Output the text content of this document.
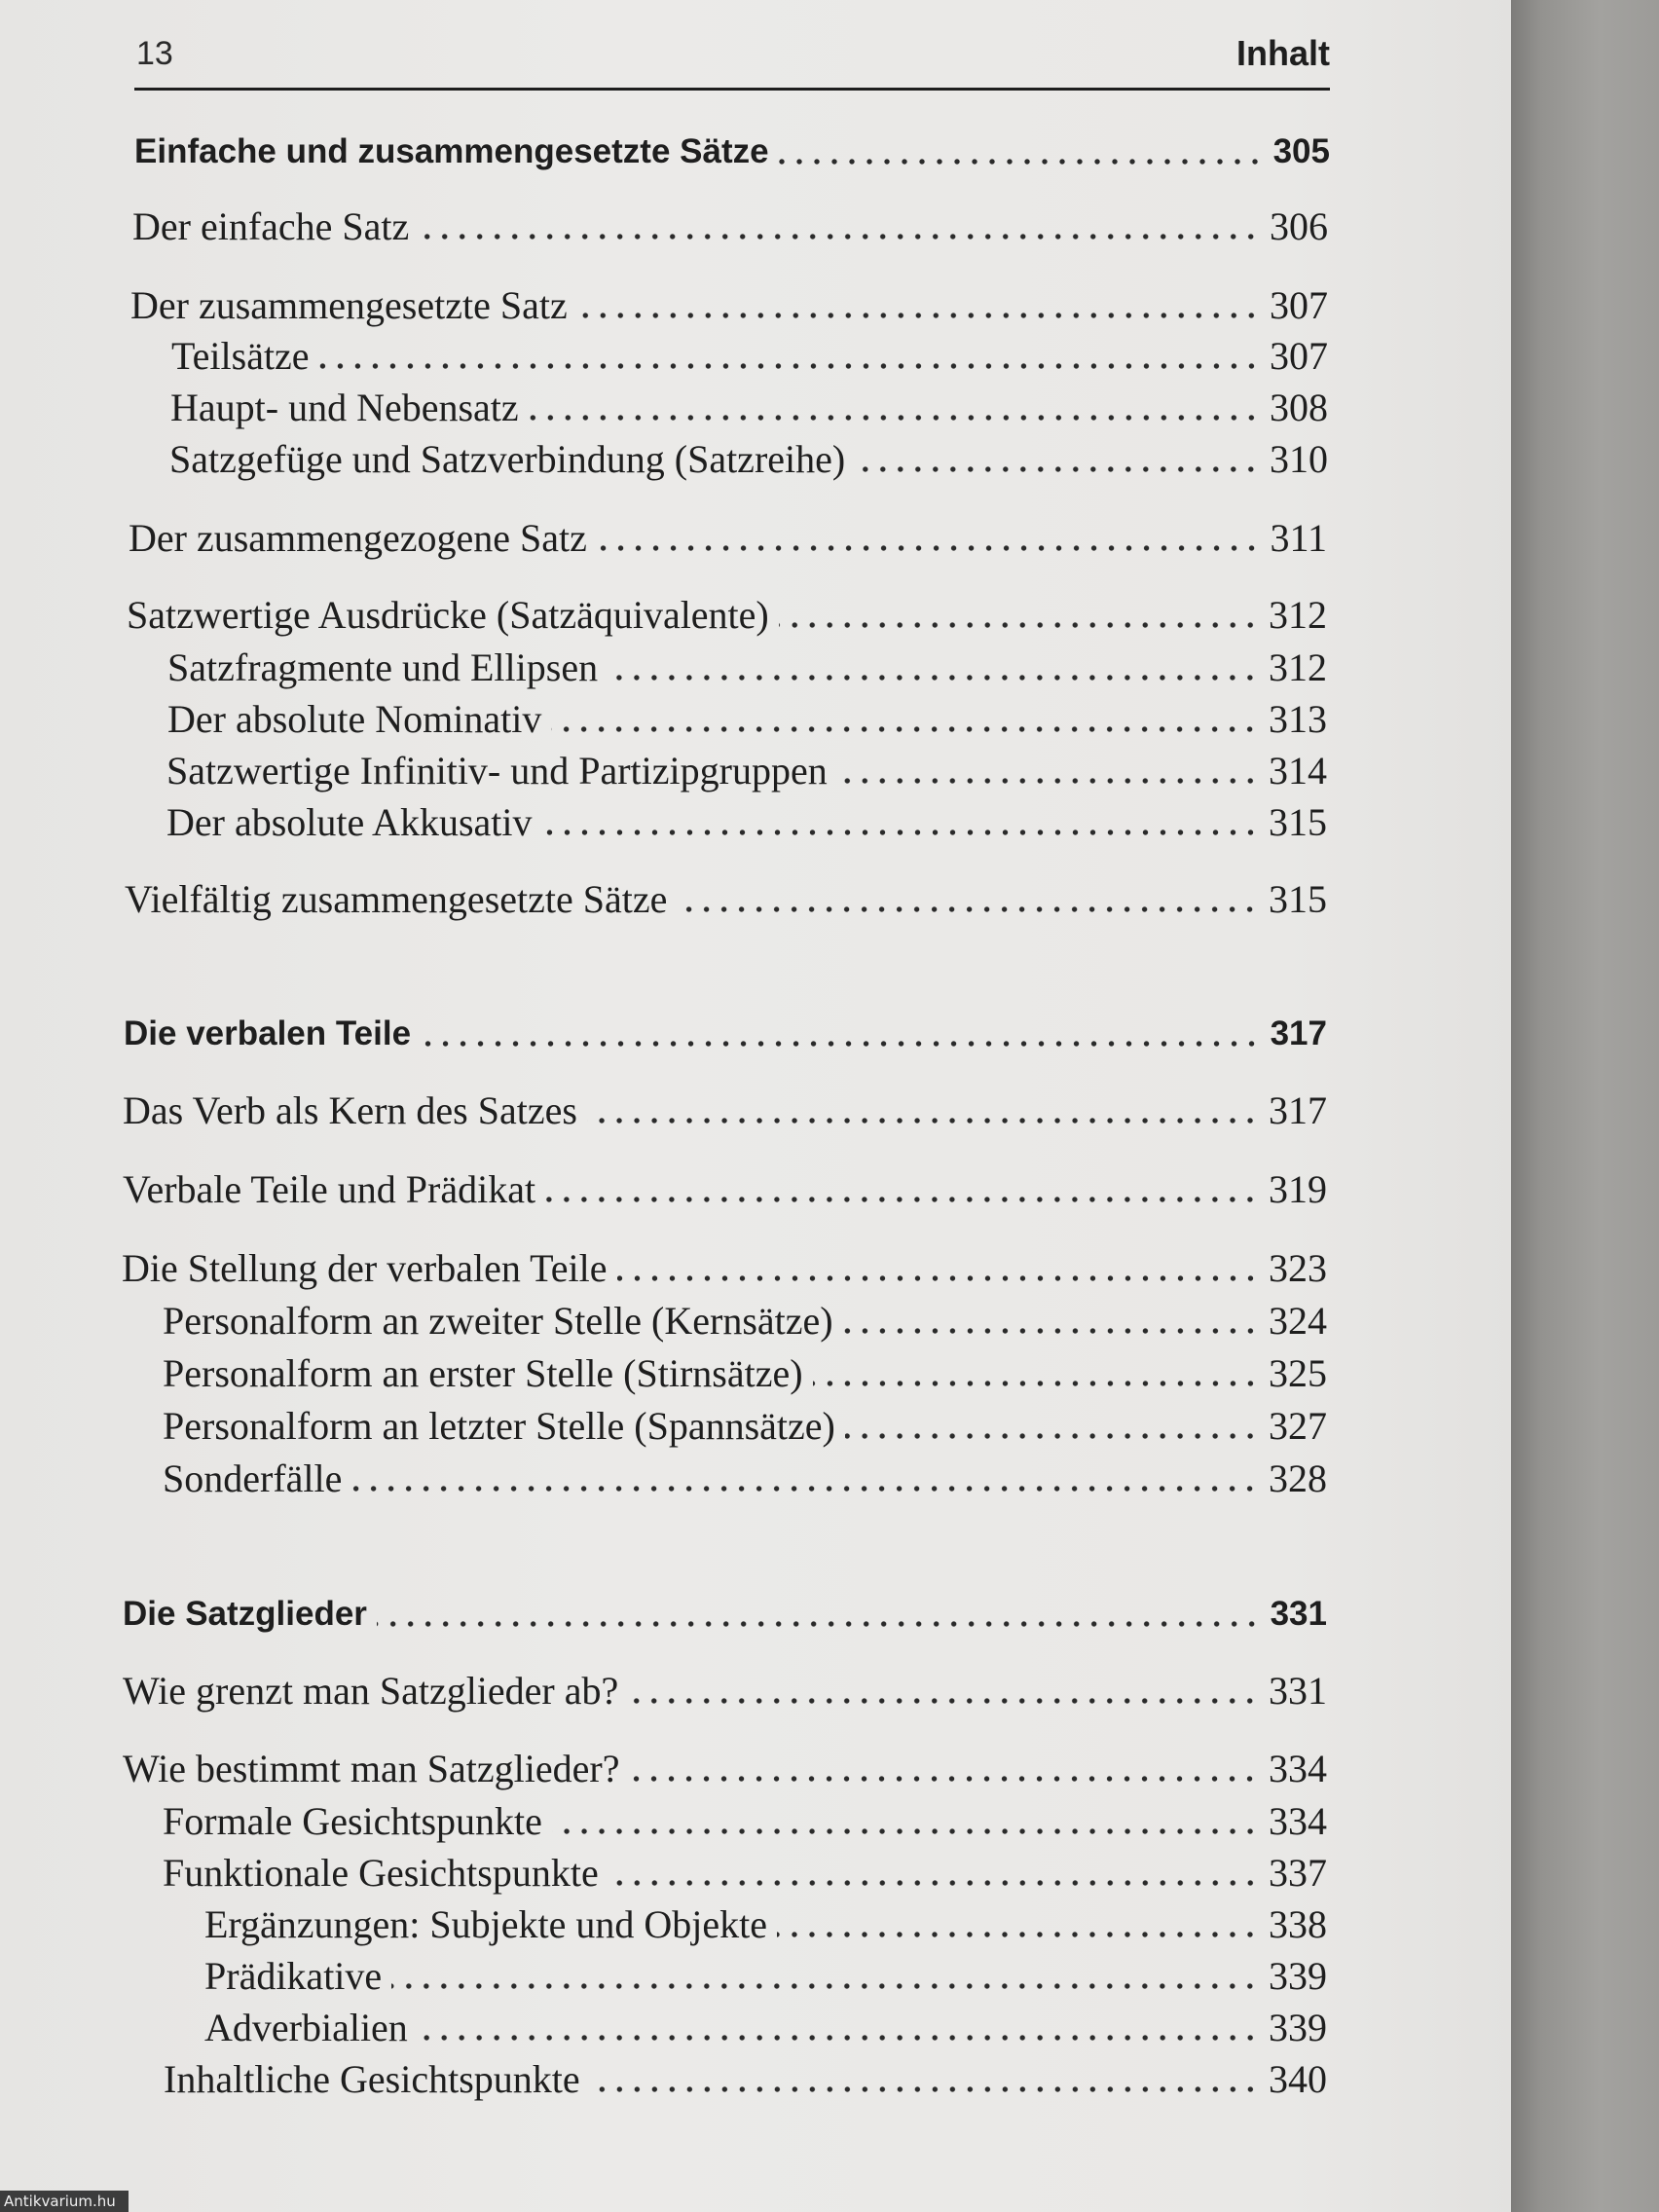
13	Inhalt
Einfache und zusammengesetzte Sätze	305
Der einfache Satz	306
Der zusammengesetzte Satz	307
Teilsätze	307
Haupt- und Nebensatz	308
Satzgefüge und Satzverbindung (Satzreihe)	310
Der zusammengezogene Satz	311
Satzwertige Ausdrücke (Satzäquivalente)	312
Satzfragmente und Ellipsen	312
Der absolute Nominativ	313
Satzwertige Infinitiv- und Partizipgruppen	314
Der absolute Akkusativ	315
Vielfältig zusammengesetzte Sätze	315
Die verbalen Teile	317
Das Verb als Kern des Satzes	317
Verbale Teile und Prädikat	319
Die Stellung der verbalen Teile	323
Personalform an zweiter Stelle (Kernsätze)	324
Personalform an erster Stelle (Stirnsätze)	325
Personalform an letzter Stelle (Spannsätze)	327
Sonderfälle	328
Die Satzglieder	331
Wie grenzt man Satzglieder ab?	331
Wie bestimmt man Satzglieder?	334
Formale Gesichtspunkte	334
Funktionale Gesichtspunkte	337
Ergänzungen: Subjekte und Objekte	338
Prädikative	339
Adverbialien	339
Inhaltliche Gesichtspunkte	340
Antikvarium.hu
